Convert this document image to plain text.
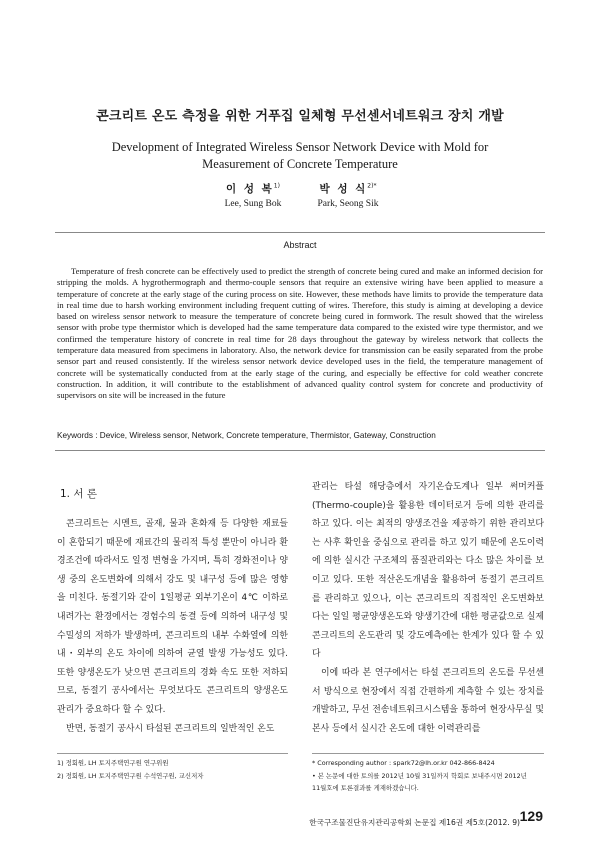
콘크리트 온도 측정을 위한 거푸집 일체형 무선센서네트워크 장치 개발
Development of Integrated Wireless Sensor Network Device with Mold for
Measurement of Concrete Temperature
이 성 복$^{1)}$
Lee, Sung Bok
박 성 식$^{2)*}$
Park, Seong Sik
Abstract
Temperature of fresh concrete can be effectively used to predict the strength of concrete being cured and make an informed decision for stripping the molds. A hygrothermograph and thermo-couple sensors that require an extensive wiring have been applied to measure a temperature of concrete at the early stage of the curing process on site. However, these methods have limits to provide the temperature data in real time due to harsh working environment including frequent cutting of wires. Therefore, this study is aiming at developing a device based on wireless sensor network to measure the temperature of concrete being cured in formwork. The result showed that the wireless sensor with probe type thermistor which is developed had the same temperature data compared to the existed wire type thermistor, and we confirmed the temperature history of concrete in real time for 28 days throughout the gateway by wireless network that collects the temperature data measured from specimens in laboratory. Also, the network device for transmission can be easily separated from the probe sensor part and reused consistently. If the wireless sensor network device developed uses in the field, the temperature management of concrete will be systematically conducted from at the early stage of the curing, and especially be effective for cold weather concrete construction. In addition, it will contribute to the establishment of advanced quality control system for concrete and productivity of supervisors on site will be increased in the future
Keywords : Device, Wireless sensor, Network, Concrete temperature, Thermistor, Gateway, Construction
1. 서 론

콘크리트는 시멘트, 골재, 물과 혼화재 등 다양한 재료들이 혼합되기 때문에 재료간의 물리적 특성 뿐만이 아니라 환경조건에 따라서도 일정 변형을 가지며, 특히 경화전이나 양생 중의 온도변화에 의해서 강도 및 내구성 등에 많은 영향을 미친다. 동절기와 같이 1일평균 외부기온이 4℃ 이하로 내려가는 환경에서는 경험수의 동결 등에 의하여 내구성 및 수밀성의 저하가 발생하며, 콘크리트의 내부 수화열에 의한 내・외부의 온도 차이에 의하여 균열 발생 가능성도 있다. 또한 양생온도가 낮으면 콘크리트의 경화 속도 또한 저하되므로, 동절기 공사에서는 무엇보다도 콘크리트의 양생온도 관리가 중요하다 할 수 있다.

반면, 동절기 공사시 타설된 콘크리트의 일반적인 온도

관리는 타설 해당층에서 자기온습도계나 일부 써머커플(Thermo-couple)을 활용한 데이터로거 등에 의한 관리를 하고 있다. 이는 최적의 양생조건을 제공하기 위한 관리보다는 사후 확인을 중심으로 관리를 하고 있기 때문에 온도이력에 의한 실시간 구조체의 품질관리와는 다소 많은 차이를 보이고 있다. 또한 적산온도개념을 활용하여 동절기 콘크리트를 관리하고 있으나, 이는 콘크리트의 직접적인 온도변화보다는 일일 평균양생온도와 양생기간에 대한 평균값으로 실제 콘크리트의 온도관리 및 강도예측에는 한계가 있다 할 수 있다

이에 따라 본 연구에서는 타설 콘크리트의 온도를 무선센서 방식으로 현장에서 직접 간편하게 계측할 수 있는 장치를 개발하고, 무선 전송네트워크시스템을 통하여 현장사무실 및 본사 등에서 실시간 온도에 대한 이력관리를

1) 정회원, LH 토지주택연구원 연구위원
2) 정회원, LH 토지주택연구원 수석연구원, 교신저자
* Corresponding author : spark72@lh.or.kr 042-866-8424
• 본 논문에 대한 토의를 2012년 10월 31일까지 학회로 보내주시면 2012년
11월호에 토론결과를 게재하겠습니다.
한국구조물진단유지관리공학회 논문집 제16권 제5호(2012. 9) 129
